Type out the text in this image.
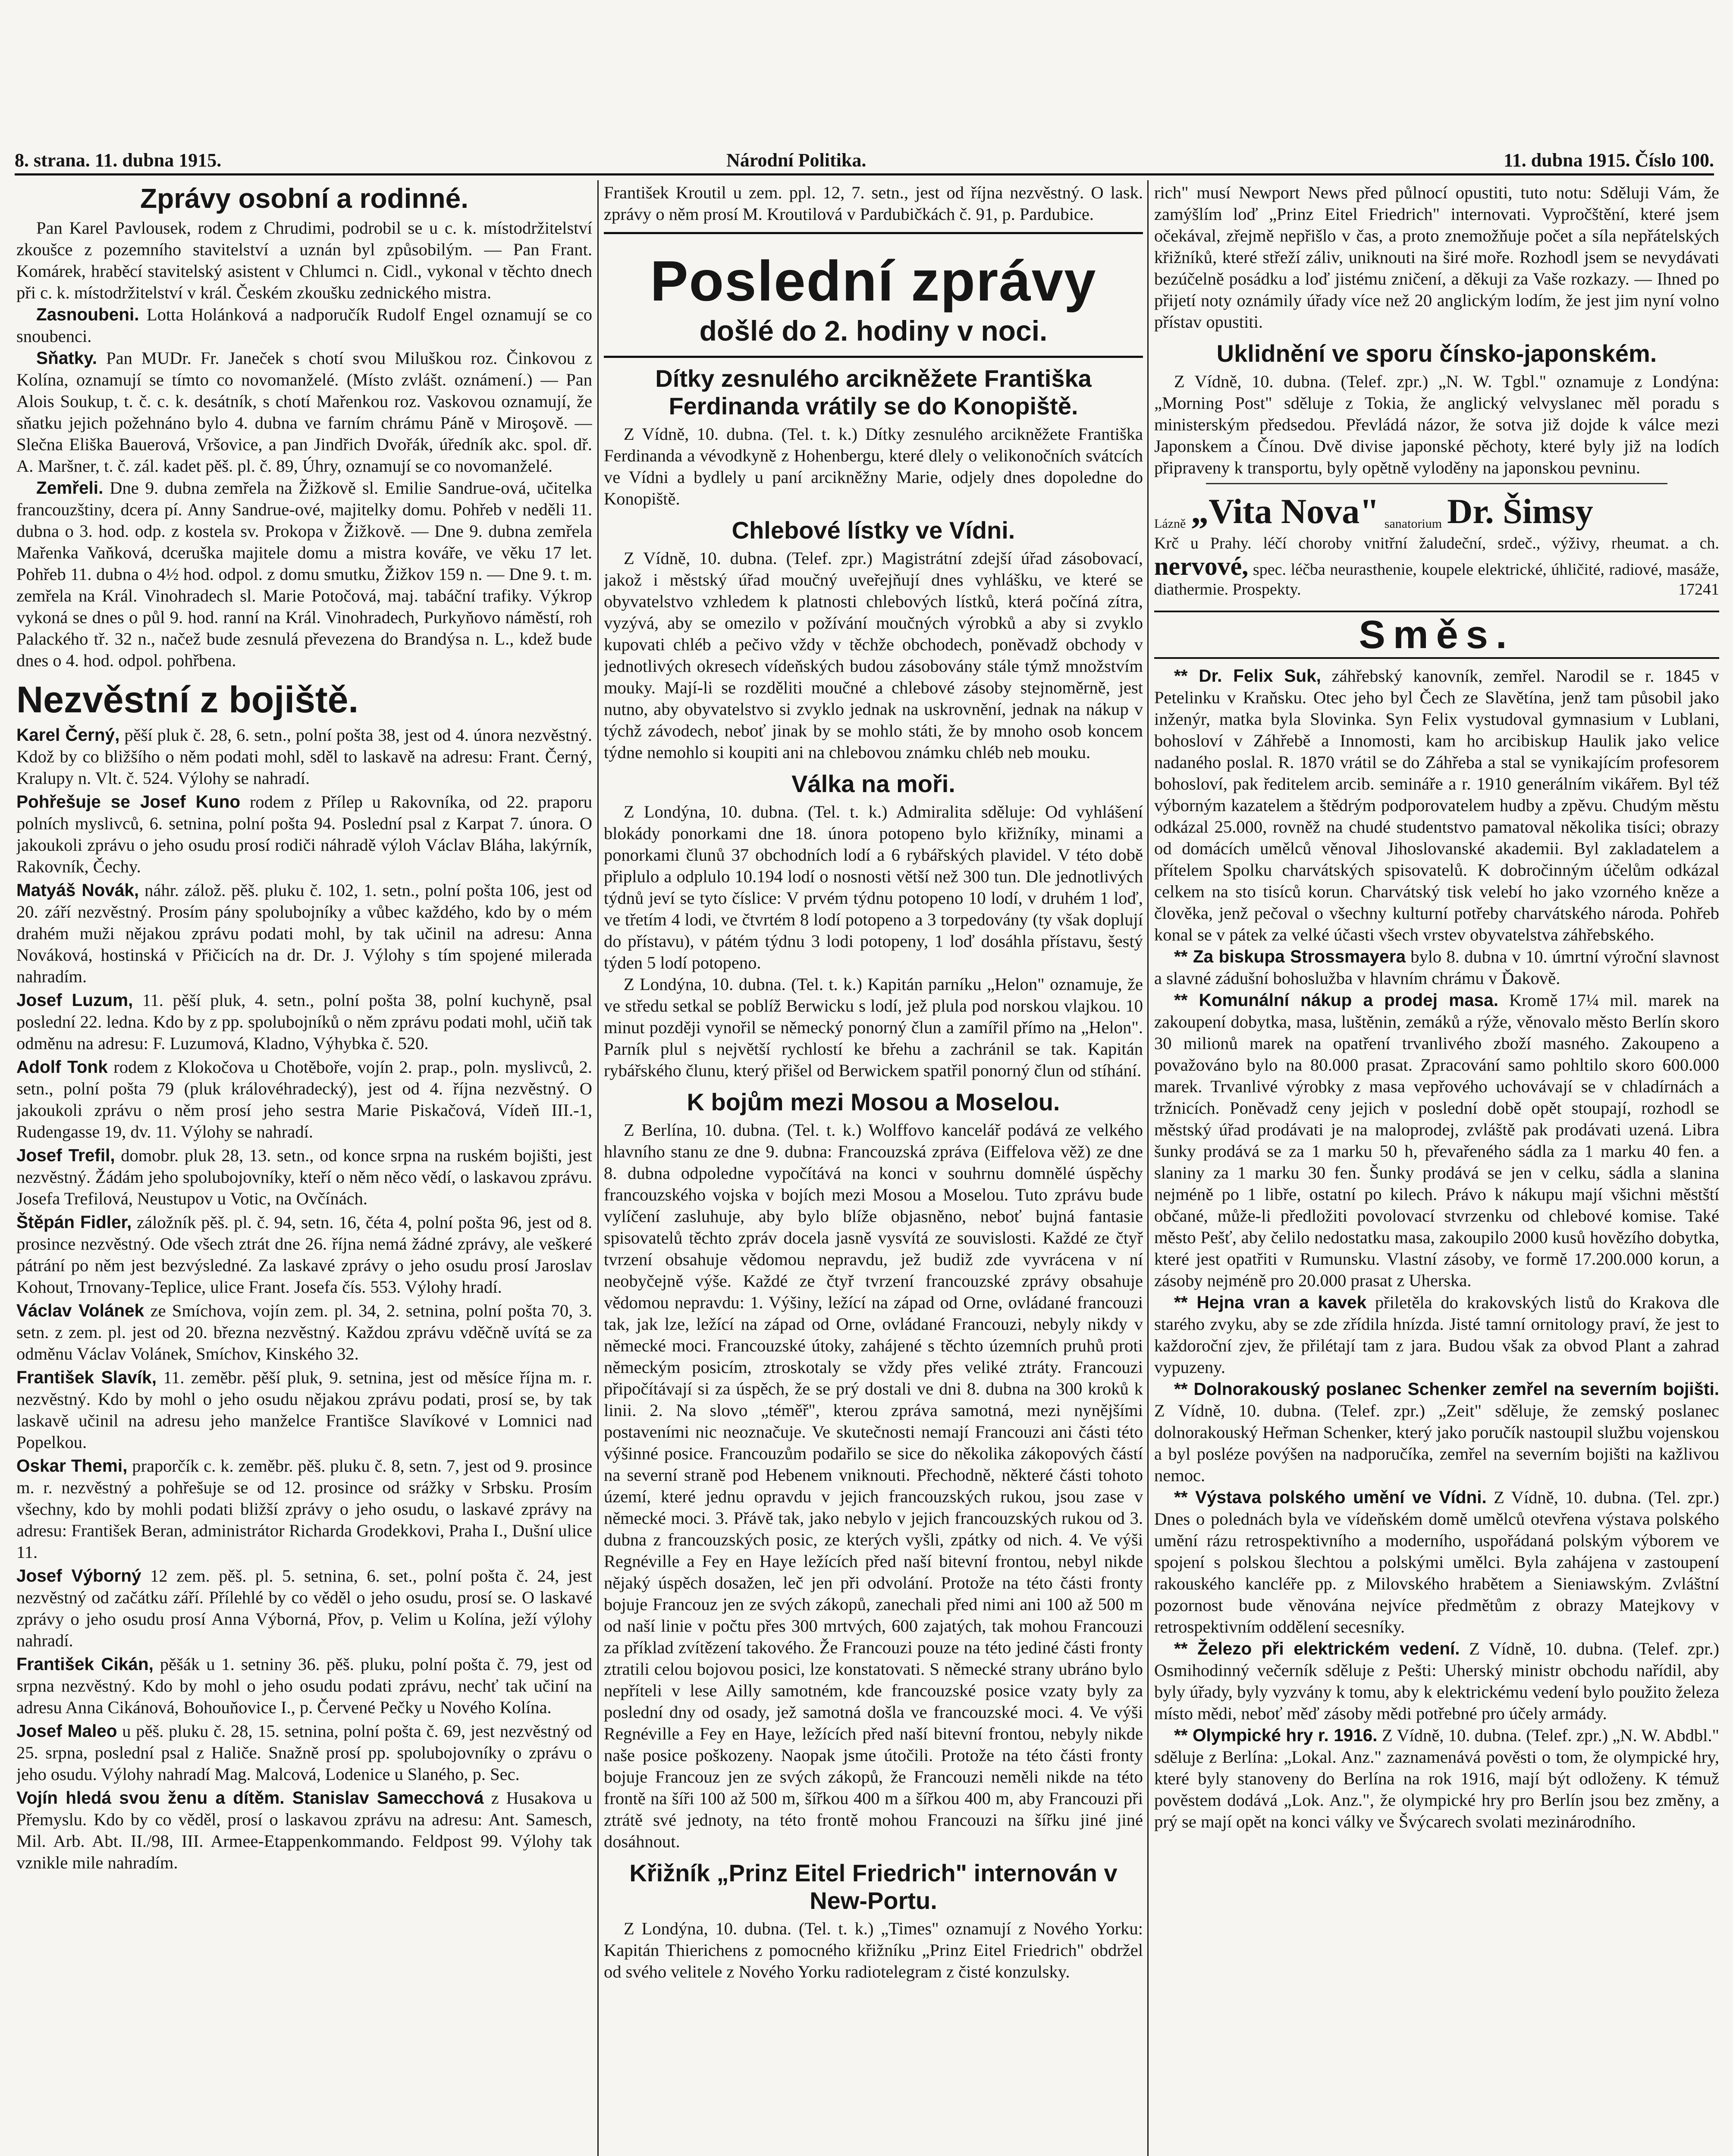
8. strana. 11. dubna 1915.	Národní Politika.	11. dubna 1915. Číslo 100.
Zprávy osobní a rodinné.

Pan Karel Pavlousek, rodem z Chrudimi, podrobil se u c. k. místodržitelství zkoušce z pozemního stavitelství a uznán byl způsobilým. — Pan Frant. Komárek, hraběcí stavitelský asistent v Chlumci n. Cidl., vykonal v těchto dnech při c. k. místodržitelství v král. Českém zkoušku zednického mistra.

Zasnoubeni. Lotta Holánková a nadporučík Rudolf Engel oznamují se co snoubenci.

Sňatky. Pan MUDr. Fr. Janeček s chotí svou Miluškou roz. Činkovou z Kolína, oznamují se tímto co novomanželé. (Místo zvlášt. oznámení.) — Pan Alois Soukup, t. č. c. k. desátník, s chotí Mařenkou roz. Vaskovou oznamují, že sňatku jejich požehnáno bylo 4. dubna ve farním chrámu Páně v Miroşově. — Slečna Eliška Bauerová, Vršovice, a pan Jindřich Dvořák, úředník akc. spol. dř. A. Maršner, t. č. zál. kadet pěš. pl. č. 89, Úhry, oznamují se co novomanželé.

Zemřeli. Dne 9. dubna zemřela na Žižkově sl. Emilie Sandrue-ová, učitelka francouzštiny, dcera pí. Anny Sandrue-ové, majitelky domu. Pohřeb v neděli 11. dubna o 3. hod. odp. z kostela sv. Prokopa v Žižkově. — Dne 9. dubna zemřela Mařenka Vaňková, dceruška majitele domu a mistra kováře, ve věku 17 let. Pohřeb 11. dubna o 4½ hod. odpol. z domu smutku, Žižkov 159 n. — Dne 9. t. m. zemřela na Král. Vinohradech sl. Marie Potočová, maj. tabáční trafiky. Výkrop vykoná se dnes o půl 9. hod. ranní na Král. Vinohradech, Purkyňovo náměstí, roh Palackého tř. 32 n., načež bude zesnulá převezena do Brandýsa n. L., kdež bude dnes o 4. hod. odpol. pohřbena.

Nezvěstní z bojiště.

Karel Černý, pěší pluk č. 28, 6. setn., polní pošta 38, jest od 4. února nezvěstný. Kdož by co bližšího o něm podati mohl, sděl to laskavě na adresu: Frant. Černý, Kralupy n. Vlt. č. 524. Výlohy se nahradí.

Pohřešuje se Josef Kuno rodem z Přílep u Rakovníka, od 22. praporu polních myslivců, 6. setnina, polní pošta 94. Poslední psal z Karpat 7. února. O jakoukoli zprávu o jeho osudu prosí rodiči náhradě výloh Václav Bláha, lakýrník, Rakovník, Čechy.

Matyáš Novák, náhr. zálož. pěš. pluku č. 102, 1. setn., polní pošta 106, jest od 20. září nezvěstný. Prosím pány spolubojníky a vůbec každého, kdo by o mém drahém muži nějakou zprávu podati mohl, by tak učinil na adresu: Anna Nováková, hostinská v Přičicích na dr. Dr. J. Výlohy s tím spojené milerada nahradím.

Josef Luzum, 11. pěší pluk, 4. setn., polní pošta 38, polní kuchyně, psal poslední 22. ledna. Kdo by z pp. spolubojníků o něm zprávu podati mohl, učiň tak odměnu na adresu: F. Luzumová, Kladno, Výhybka č. 520.

Adolf Tonk rodem z Klokočova u Chotěboře, vojín 2. prap., poln. myslivců, 2. setn., polní pošta 79 (pluk královéhradecký), jest od 4. října nezvěstný. O jakoukoli zprávu o něm prosí jeho sestra Marie Piskačová, Vídeň III.-1, Rudengasse 19, dv. 11. Výlohy se nahradí.

Josef Trefil, domobr. pluk 28, 13. setn., od konce srpna na ruském bojišti, jest nezvěstný. Žádám jeho spolubojovníky, kteří o něm něco vědí, o laskavou zprávu. Josefa Trefilová, Neustupov u Votic, na Ovčínách.

Štěpán Fidler, záložník pěš. pl. č. 94, setn. 16, čéta 4, polní pošta 96, jest od 8. prosince nezvěstný. Ode všech ztrát dne 26. října nemá žádné zprávy, ale veškeré pátrání po něm jest bezvýsledné. Za laskavé zprávy o jeho osudu prosí Jaroslav Kohout, Trnovany-Teplice, ulice Frant. Josefa čís. 553. Výlohy hradí.

Václav Volánek ze Smíchova, vojín zem. pl. 34, 2. setnina, polní pošta 70, 3. setn. z zem. pl. jest od 20. března nezvěstný. Každou zprávu vděčně uvítá se za odměnu Václav Volánek, Smíchov, Kinského 32.

František Slavík, 11. zeměbr. pěší pluk, 9. setnina, jest od měsíce října m. r. nezvěstný. Kdo by mohl o jeho osudu nějakou zprávu podati, prosí se, by tak laskavě učinil na adresu jeho manželce Františce Slavíkové v Lomnici nad Popelkou.

Oskar Themi, praporčík c. k. zeměbr. pěš. pluku č. 8, setn. 7, jest od 9. prosince m. r. nezvěstný a pohřešuje se od 12. prosince od srážky v Srbsku. Prosím všechny, kdo by mohli podati bližší zprávy o jeho osudu, o laskavé zprávy na adresu: František Beran, administrátor Richarda Grodekkovi, Praha I., Dušní ulice 11.

Josef Výborný 12 zem. pěš. pl. 5. setnina, 6. set., polní pošta č. 24, jest nezvěstný od začátku září. Přílehlé by co věděl o jeho osudu, prosí se. O laskavé zprávy o jeho osudu prosí Anna Výborná, Přov, p. Velim u Kolína, ježí výlohy nahradí.

František Cikán, pěšák u 1. setniny 36. pěš. pluku, polní pošta č. 79, jest od srpna nezvěstný. Kdo by mohl o jeho osudu podati zprávu, nechť tak učiní na adresu Anna Cikánová, Bohouňovice I., p. Červené Pečky u Nového Kolína.

Josef Maleo u pěš. pluku č. 28, 15. setnina, polní pošta č. 69, jest nezvěstný od 25. srpna, poslední psal z Haliče. Snažně prosí pp. spolubojovníky o zprávu o jeho osudu. Výlohy nahradí Mag. Malcová, Lodenice u Slaného, p. Sec.

Vojín hledá svou ženu a dítěm. Stanislav Samecchová z Husakova u Přemyslu. Kdo by co věděl, prosí o laskavou zprávu na adresu: Ant. Samesch, Mil. Arb. Abt. II./98, III. Armee-Etappenkommando. Feldpost 99. Výlohy tak vznikle mile nahradím.

František Kroutil u zem. ppl. 12, 7. setn., jest od října nezvěstný. O lask. zprávy o něm prosí M. Kroutilová v Pardubičkách č. 91, p. Pardubice.

Poslední zprávy
došlé do 2. hodiny v noci.
Dítky zesnulého arcikněžete Františka Ferdinanda vrátily se do Konopiště.

Z Vídně, 10. dubna. (Tel. t. k.) Dítky zesnulého arcikněžete Františka Ferdinanda a vévodkyně z Hohenbergu, které dlely o velikonočních svátcích ve Vídni a bydlely u paní arcikněžny Marie, odjely dnes dopoledne do Konopiště.

Chlebové lístky ve Vídni.

Z Vídně, 10. dubna. (Telef. zpr.) Magistrátní zdejší úřad zásobovací, jakož i městský úřad moučný uveřejňují dnes vyhlášku, ve které se obyvatelstvo vzhledem k platnosti chlebových lístků, která počíná zítra, vyzývá, aby se omezilo v požívání moučných výrobků a aby si zvyklo kupovati chléb a pečivo vždy v těchže obchodech, poněvadž obchody v jednotlivých okresech vídeňských budou zásobovány stále týmž množstvím mouky. Mají-li se rozděliti moučné a chlebové zásoby stejnoměrně, jest nutno, aby obyvatelstvo si zvyklo jednak na uskrovnění, jednak na nákup v týchž závodech, neboť jinak by se mohlo státi, že by mnoho osob koncem týdne nemohlo si koupiti ani na chlebovou známku chléb neb mouku.

Válka na moři.

Z Londýna, 10. dubna. (Tel. t. k.) Admiralita sděluje: Od vyhlášení blokády ponorkami dne 18. února potopeno bylo křižníky, minami a ponorkami člunů 37 obchodních lodí a 6 rybářských plavidel. V této době připlulo a odplulo 10.194 lodí o nosnosti větší než 300 tun. Dle jednotlivých týdnů jeví se tyto číslice: V prvém týdnu potopeno 10 lodí, v druhém 1 loď, ve třetím 4 lodi, ve čtvrtém 8 lodí potopeno a 3 torpedovány (ty však doplují do přístavu), v pátém týdnu 3 lodi potopeny, 1 loď dosáhla přístavu, šestý týden 5 lodí potopeno.

Z Londýna, 10. dubna. (Tel. t. k.) Kapitán parníku „Helon" oznamuje, že ve středu setkal se poblíž Berwicku s lodí, jež plula pod norskou vlajkou. 10 minut později vynořil se německý ponorný člun a zamířil přímo na „Helon". Parník plul s největší rychlostí ke břehu a zachránil se tak. Kapitán rybářského člunu, který přišel od Berwickem spatřil ponorný člun od stíhání.

K bojům mezi Mosou a Moselou.

Z Berlína, 10. dubna. (Tel. t. k.) Wolffovo kancelář podává ze velkého hlavního stanu ze dne 9. dubna: Francouzská zpráva (Eiffelova věž) ze dne 8. dubna odpoledne vypočítává na konci v souhrnu domnělé úspěchy francouzského vojska v bojích mezi Mosou a Moselou. Tuto zprávu bude vylíčení zasluhuje, aby bylo blíže objasněno, neboť bujná fantasie spisovatelů těchto zpráv docela jasně vysvítá ze souvislosti. Každé ze čtyř tvrzení obsahuje vědomou nepravdu, jež budiž zde vyvrácena v ní neobyčejně výše. Každé ze čtyř tvrzení francouzské zprávy obsahuje vědomou nepravdu: 1. Výšiny, ležící na západ od Orne, ovládané francouzi tak, jak lze, ležící na západ od Orne, ovládané Francouzi, nebyly nikdy v německé moci. Francouzské útoky, zahájené s těchto územních pruhů proti německým posicím, ztroskotaly se vždy přes veliké ztráty. Francouzi připočítávají si za úspěch, že se prý dostali ve dni 8. dubna na 300 kroků k linii. 2. Na slovo „téměř", kterou zpráva samotná, mezi nynějšími postaveními nic neoznačuje. Ve skutečnosti nemají Francouzi ani části této výšinné posice. Francouzům podařilo se sice do několika zákopových částí na severní straně pod Hebenem vniknouti. Přechodně, některé části tohoto území, které jednu opravdu v jejich francouzských rukou, jsou zase v německé moci. 3. Přávě tak, jako nebylo v jejich francouzských rukou od 3. dubna z francouzských posic, ze kterých vyšli, zpátky od nich. 4. Ve výši Regnéville a Fey en Haye ležících před naší bitevní frontou, nebyl nikde nějaký úspěch dosažen, leč jen při odvolání. Protože na této části fronty bojuje Francouz jen ze svých zákopů, zanechali před nimi ani 100 až 500 m od naší linie v počtu přes 300 mrtvých, 600 zajatých, tak mohou Francouzi za příklad zvítězení takového. Že Francouzi pouze na této jediné části fronty ztratili celou bojovou posici, lze konstatovati. S německé strany ubráno bylo nepříteli v lese Ailly samotném, kde francouzské posice vzaty byly za poslední dny od osady, jež samotná došla ve francouzské moci. 4. Ve výši Regnéville a Fey en Haye, ležících před naší bitevní frontou, nebyly nikde naše posice poškozeny. Naopak jsme útočili. Protože na této části fronty bojuje Francouz jen ze svých zákopů, že Francouzi neměli nikde na této frontě na šíři 100 až 500 m, šířkou 400 m a šířkou 400 m, aby Francouzi při ztrátě své jednoty, na této frontě mohou Francouzi na šířku jiné jiné dosáhnout.

Křižník „Prinz Eitel Friedrich" internován v New-Portu.

Z Londýna, 10. dubna. (Tel. t. k.) „Times" oznamují z Nového Yorku: Kapitán Thierichens z pomocného křižníku „Prinz Eitel Friedrich" obdržel od svého velitele z Nového Yorku radiotelegram z čisté konzulsky.

rich" musí Newport News před půlnocí opustiti, tuto notu: Sděluji Vám, že zamýšlím loď „Prinz Eitel Friedrich" internovati. Vypročštění, které jsem očekával, zřejmě nepřišlo v čas, a proto znemožňuje počet a síla nepřátelských křižníků, které střeží záliv, uniknouti na širé moře. Rozhodl jsem se nevydávati bezúčelně posádku a loď jistému zničení, a děkuji za Vaše rozkazy. — Ihned po přijetí noty oznámily úřady více než 20 anglickým lodím, že jest jim nyní volno přístav opustiti.

Uklidnění ve sporu čínsko-japonském.

Z Vídně, 10. dubna. (Telef. zpr.) „N. W. Tgbl." oznamuje z Londýna: „Morning Post" sděluje z Tokia, že anglický velvyslanec měl poradu s ministerským předsedou. Převládá názor, že sotva již dojde k válce mezi Japonskem a Čínou. Dvě divise japonské pěchoty, které byly již na lodích připraveny k transportu, byly opětně vyloděny na japonskou pevninu.

Lázně „Vita Nova" sanatorium Dr. Šimsy
Krč u Prahy. léčí choroby vnitřní žaludeční, srdeč., výživy, rheumat. a ch. nervové, spec. léčba neurasthenie, koupele elektrické, úhličité, radiové, masáže, diathermie. Prospekty.	17241
Směs.

** Dr. Felix Suk, záhřebský kanovník, zemřel. Narodil se r. 1845 v Petelinku v Kraňsku. Otec jeho byl Čech ze Slavětína, jenž tam působil jako inženýr, matka byla Slovinka. Syn Felix vystudoval gymnasium v Lublani, bohosloví v Záhřebě a Innomosti, kam ho arcibiskup Haulik jako velice nadaného poslal. R. 1870 vrátil se do Záhřeba a stal se vynikajícím profesorem bohosloví, pak ředitelem arcib. semináře a r. 1910 generálním vikářem. Byl též výborným kazatelem a štědrým podporovatelem hudby a zpěvu. Chudým městu odkázal 25.000, rovněž na chudé studentstvo pamatoval několika tisíci; obrazy od domácích umělců věnoval Jihoslovanské akademii. Byl zakladatelem a přítelem Spolku charvátských spisovatelů. K dobročinným účelům odkázal celkem na sto tisíců korun. Charvátský tisk velebí ho jako vzorného kněze a člověka, jenž pečoval o všechny kulturní potřeby charvátského národa. Pohřeb konal se v pátek za velké účasti všech vrstev obyvatelstva záhřebského.

** Za biskupa Strossmayera bylo 8. dubna v 10. úmrtní výroční slavnost a slavné zádušní bohoslužba v hlavním chrámu v Ďakově.

** Komunální nákup a prodej masa. Kromě 17¼ mil. marek na zakoupení dobytka, masa, luštěnin, zemáků a rýže, věnovalo město Berlín skoro 30 milionů marek na opatření trvanlivého zboží masného. Zakoupeno a považováno bylo na 80.000 prasat. Zpracování samo pohltilo skoro 600.000 marek. Trvanlivé výrobky z masa vepřového uchovávají se v chladírnách a tržnicích. Poněvadž ceny jejich v poslední době opět stoupají, rozhodl se městský úřad prodávati je na maloprodej, zvláště pak prodávati uzená. Libra šunky prodává se za 1 marku 50 h, převařeného sádla za 1 marku 40 fen. a slaniny za 1 marku 30 fen. Šunky prodává se jen v celku, sádla a slanina nejméně po 1 libře, ostatní po kilech. Právo k nákupu mají všichni městští občané, může-li předložiti povolovací stvrzenku od chlebové komise. Také město Pešť, aby čelilo nedostatku masa, zakoupilo 2000 kusů hovězího dobytka, které jest opatřiti v Rumunsku. Vlastní zásoby, ve formě 17.200.000 korun, a zásoby nejméně pro 20.000 prasat z Uherska.

** Hejna vran a kavek přiletěla do krakovských listů do Krakova dle starého zvyku, aby se zde zřídila hnízda. Jisté tamní ornitology praví, že jest to každoroční zjev, že přilétají tam z jara. Budou však za obvod Plant a zahrad vypuzeny.

** Dolnorakouský poslanec Schenker zemřel na severním bojišti. Z Vídně, 10. dubna. (Telef. zpr.) „Zeit" sděluje, že zemský poslanec dolnorakouský Heřman Schenker, který jako poručík nastoupil službu vojenskou a byl posléze povýšen na nadporučíka, zemřel na severním bojišti na kažlivou nemoc.

** Výstava polského umění ve Vídni. Z Vídně, 10. dubna. (Tel. zpr.) Dnes o polednách byla ve vídeňském domě umělců otevřena výstava polského umění rázu retrospektivního a moderního, uspořádaná polským výborem ve spojení s polskou šlechtou a polskými umělci. Byla zahájena v zastoupení rakouského kancléře pp. z Milovského hrabětem a Sieniawským. Zvláštní pozornost bude věnována nejvíce předmětům z obrazy Matejkovy v retrospektivním oddělení secesníky.

** Železo při elektrickém vedení. Z Vídně, 10. dubna. (Telef. zpr.) Osmihodinný večerník sděluje z Pešti: Uherský ministr obchodu nařídil, aby byly úřady, byly vyzvány k tomu, aby k elektrickému vedení bylo použito železa místo mědi, neboť měď zásoby mědi potřebné pro účely armády.

** Olympické hry r. 1916. Z Vídně, 10. dubna. (Telef. zpr.) „N. W. Abdbl." sděluje z Berlína: „Lokal. Anz." zaznamenává pověsti o tom, že olympické hry, které byly stanoveny do Berlína na rok 1916, mají být odloženy. K témuž pověstem dodává „Lok. Anz.", že olympické hry pro Berlín jsou bez změny, a prý se mají opět na konci války ve Švýcarech svolati mezinárodního.
